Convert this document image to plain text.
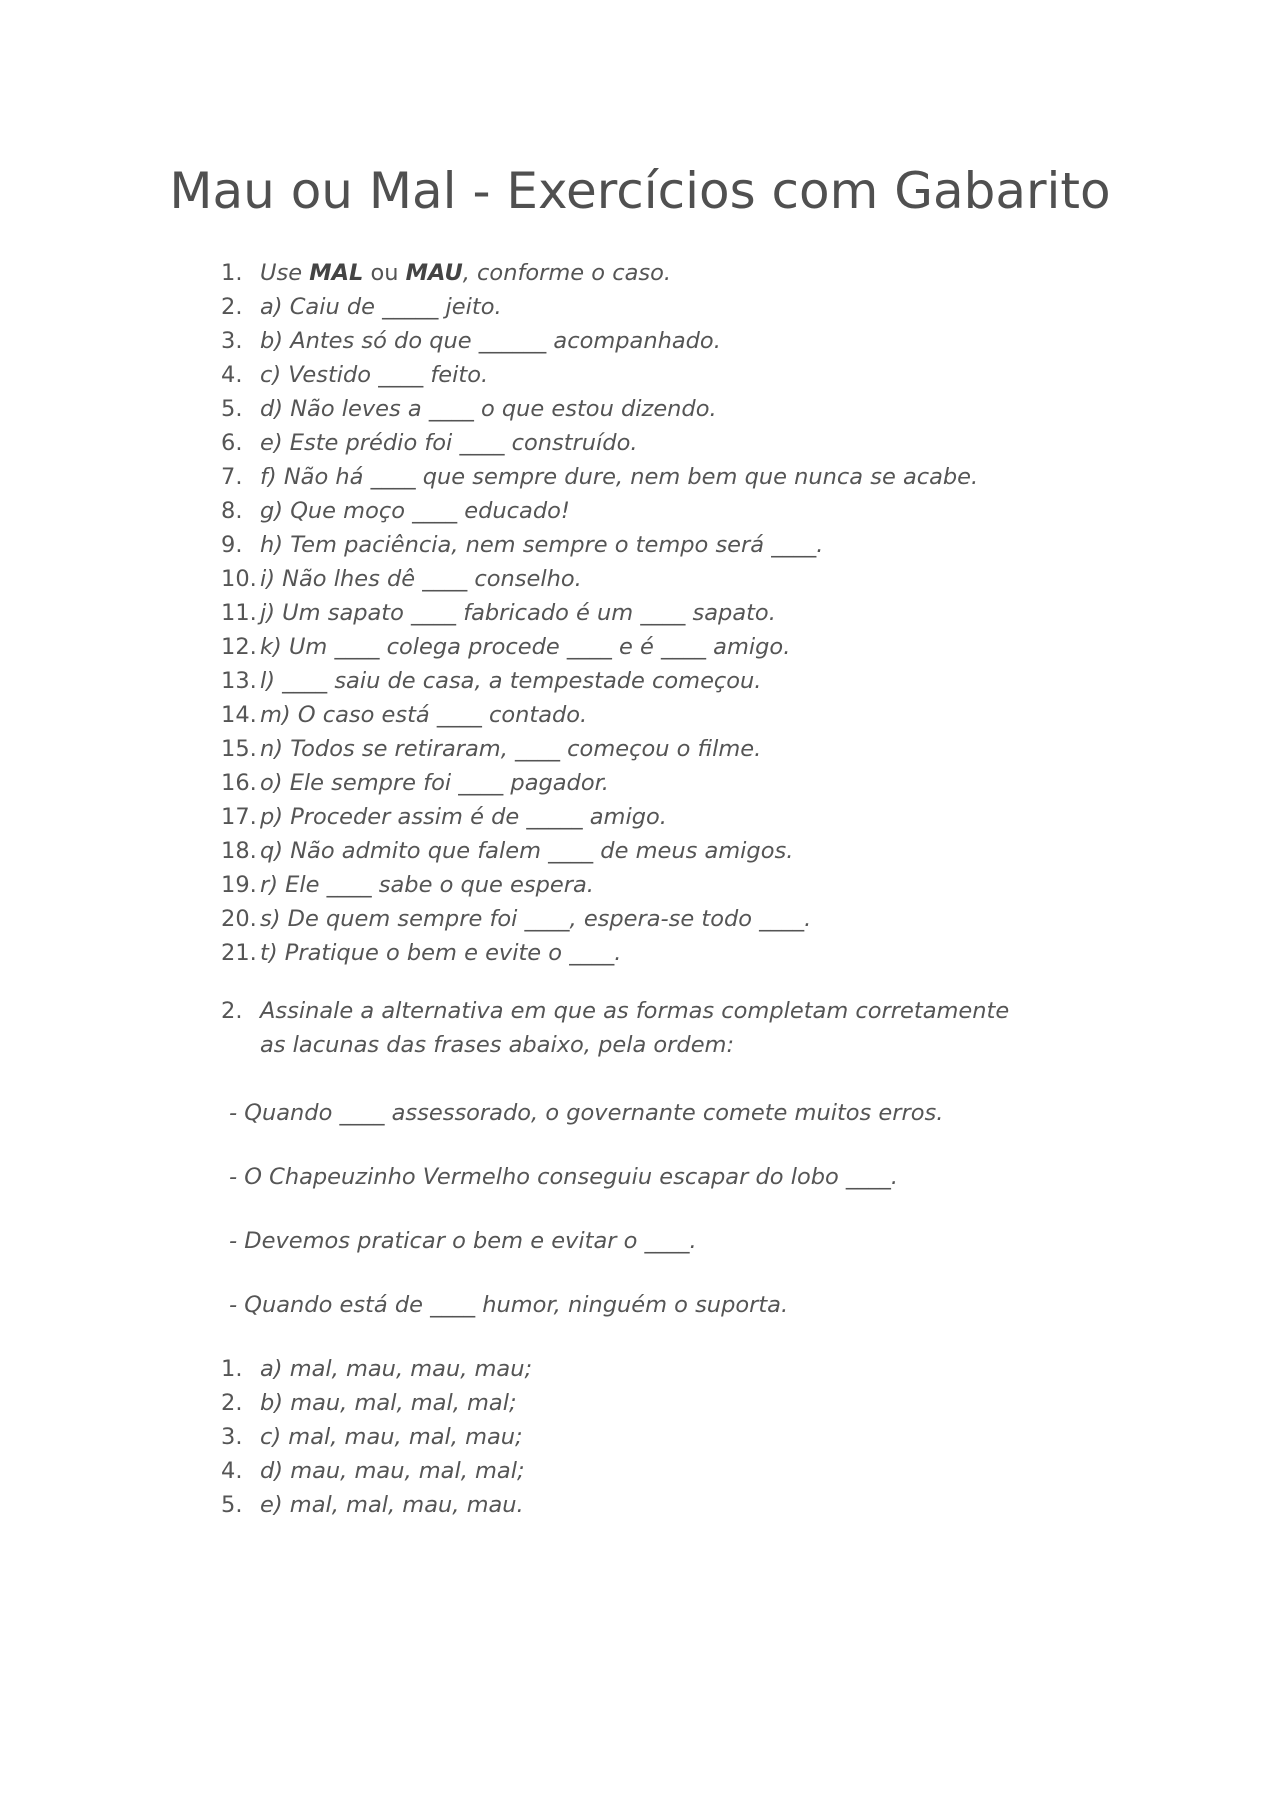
Mau ou Mal - Exercícios com Gabarito
1. Use MAL ou MAU, conforme o caso.
2. a) Caiu de _____ jeito.
3. b) Antes só do que ______ acompanhado.
4. c) Vestido ____ feito.
5. d) Não leves a ____ o que estou dizendo.
6. e) Este prédio foi ____ construído.
7. f) Não há ____ que sempre dure, nem bem que nunca se acabe.
8. g) Que moço ____ educado!
9. h) Tem paciência, nem sempre o tempo será ____.
10. i) Não lhes dê ____ conselho.
11. j) Um sapato ____ fabricado é um ____ sapato.
12. k) Um ____ colega procede ____ e é ____ amigo.
13. l) ____ saiu de casa, a tempestade começou.
14. m) O caso está ____ contado.
15. n) Todos se retiraram, ____ começou o filme.
16. o) Ele sempre foi ____ pagador.
17. p) Proceder assim é de _____ amigo.
18. q) Não admito que falem ____ de meus amigos.
19. r) Ele ____ sabe o que espera.
20. s) De quem sempre foi ____, espera-se todo ____.
21. t) Pratique o bem e evite o ____.
2. Assinale a alternativa em que as formas completam corretamente as lacunas das frases abaixo, pela ordem:
- Quando ____ assessorado, o governante comete muitos erros.
- O Chapeuzinho Vermelho conseguiu escapar do lobo ____.
- Devemos praticar o bem e evitar o ____.
- Quando está de ____ humor, ninguém o suporta.
1. a) mal, mau, mau, mau;
2. b) mau, mal, mal, mal;
3. c) mal, mau, mal, mau;
4. d) mau, mau, mal, mal;
5. e) mal, mal, mau, mau.
